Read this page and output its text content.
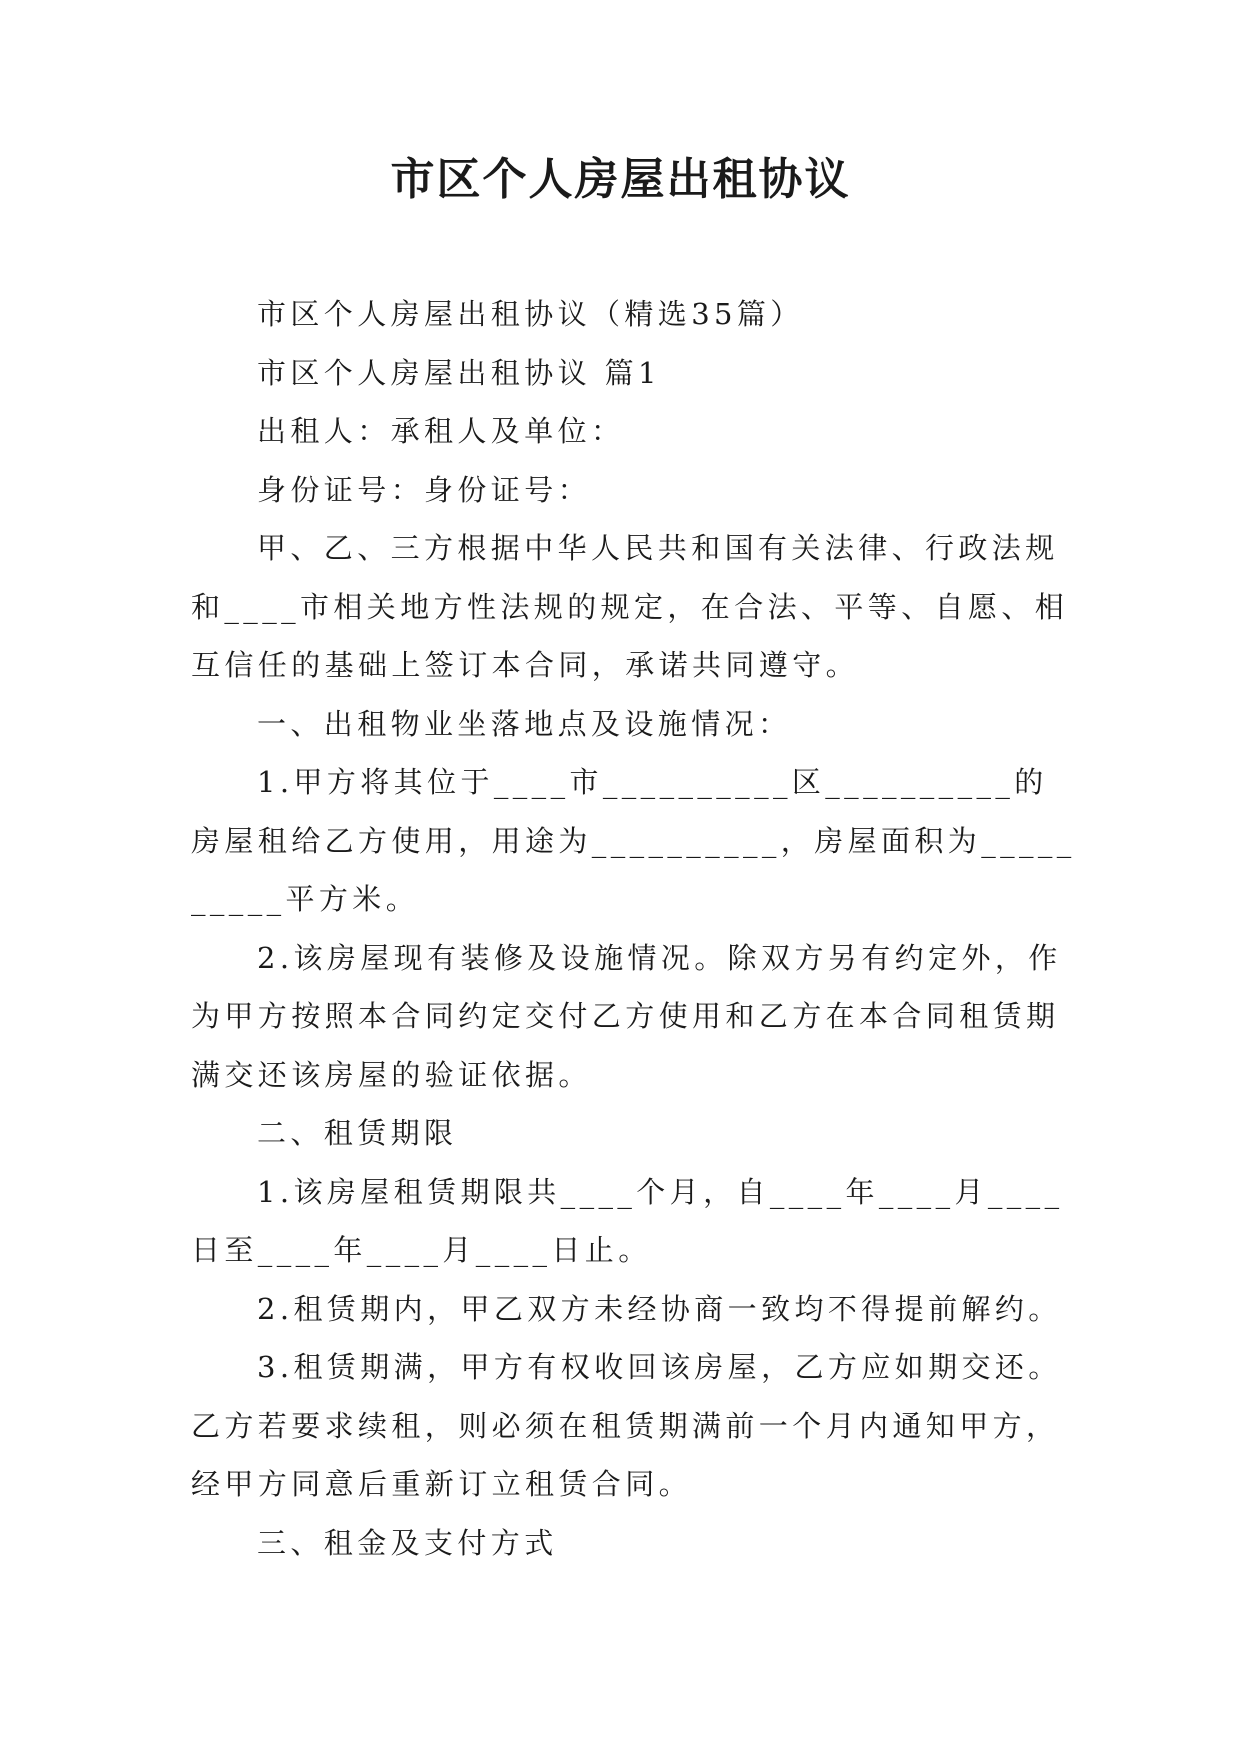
市区个人房屋出租协议

市区个人房屋出租协议（精选35篇）

市区个人房屋出租协议 篇1

出租人：承租人及单位：

身份证号：身份证号：

甲、乙、三方根据中华人民共和国有关法律、行政法规和____市相关地方性法规的规定，在合法、平等、自愿、相互信任的基础上签订本合同，承诺共同遵守。

一、出租物业坐落地点及设施情况：

1.甲方将其位于____市__________区__________的房屋租给乙方使用，用途为__________，房屋面积为__________平方米。

2.该房屋现有装修及设施情况。除双方另有约定外，作为甲方按照本合同约定交付乙方使用和乙方在本合同租赁期满交还该房屋的验证依据。

二、租赁期限

1.该房屋租赁期限共____个月，自____年____月____日至____年____月____日止。

2.租赁期内，甲乙双方未经协商一致均不得提前解约。

3.租赁期满，甲方有权收回该房屋，乙方应如期交还。乙方若要求续租，则必须在租赁期满前一个月内通知甲方，经甲方同意后重新订立租赁合同。

三、租金及支付方式
